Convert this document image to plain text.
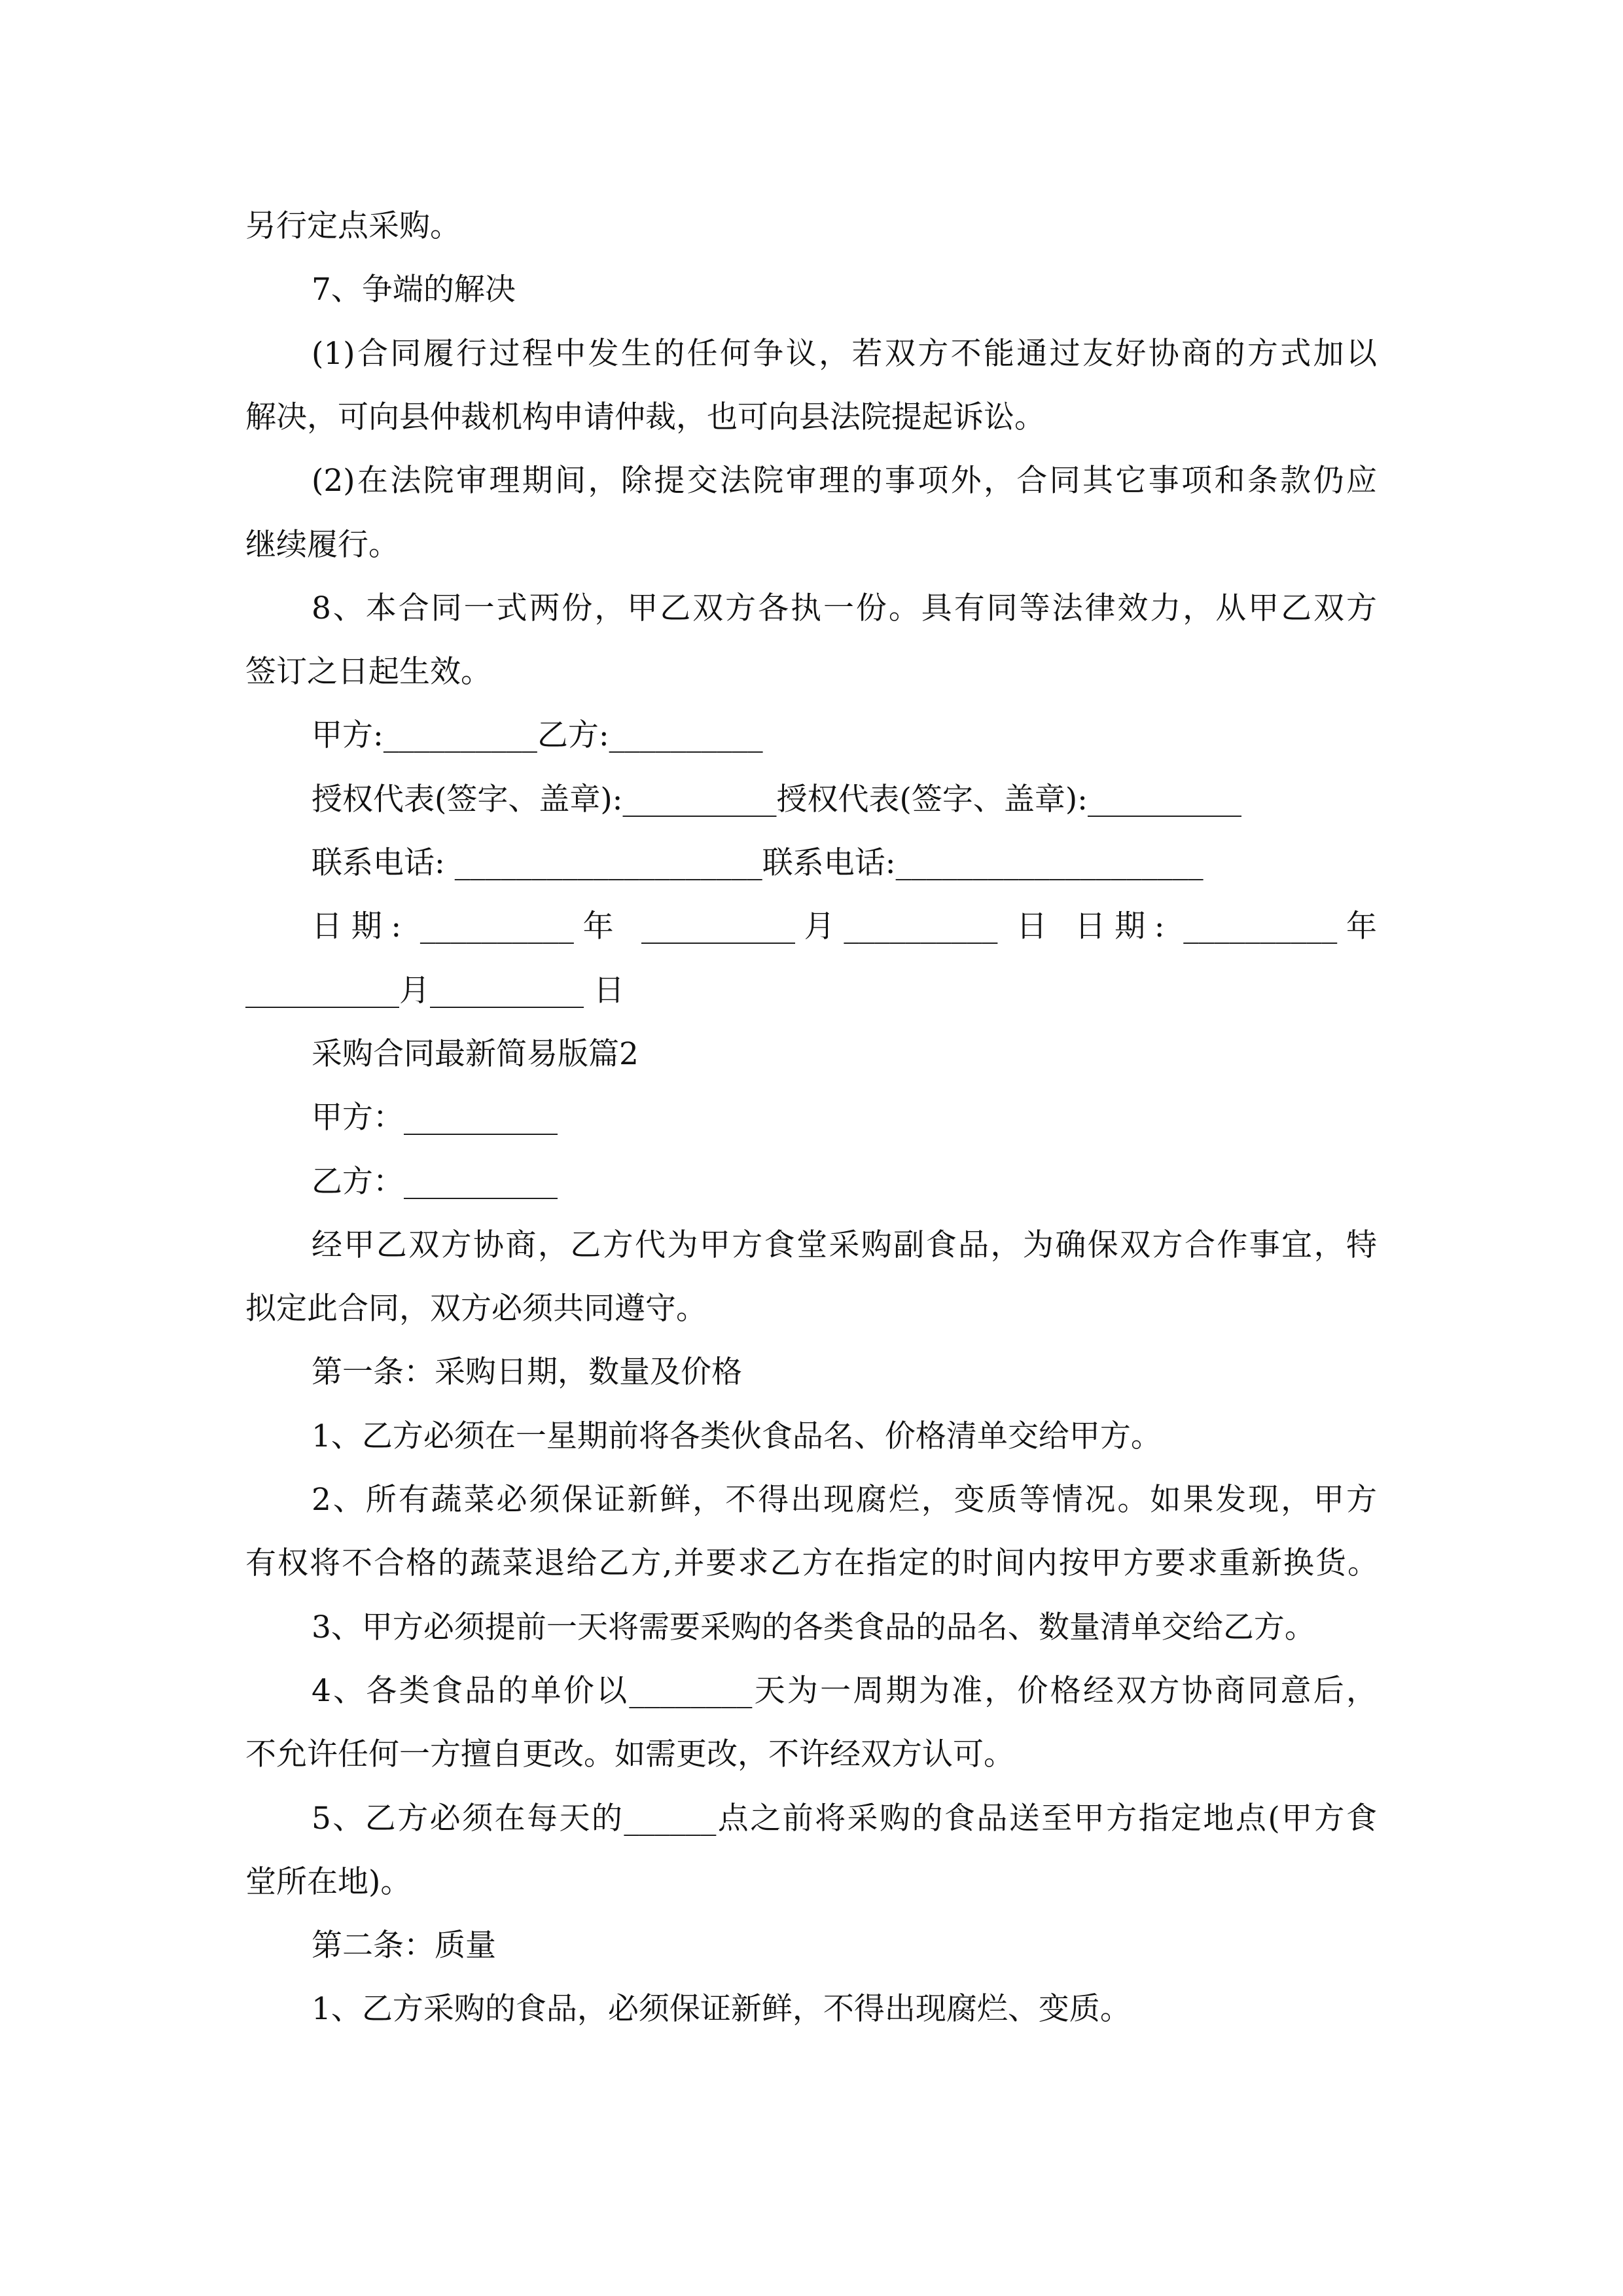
另行定点采购。
7、争端的解决
(1)合同履行过程中发生的任何争议，若双方不能通过友好协商的方式加以
解决，可向县仲裁机构申请仲裁，也可向县法院提起诉讼。
(2)在法院审理期间，除提交法院审理的事项外，合同其它事项和条款仍应
继续履行。
8、本合同一式两份，甲乙双方各执一份。具有同等法律效力，从甲乙双方
签订之日起生效。
甲方:__________乙方:__________
授权代表(签字、盖章):__________授权代表(签字、盖章):__________
联系电话: ____________________联系电话:____________________
日期: __________年 __________月__________ 日 日期: __________年
__________月__________ 日
采购合同最新简易版篇2
甲方：__________
乙方：__________
经甲乙双方协商，乙方代为甲方食堂采购副食品，为确保双方合作事宜，特
拟定此合同，双方必须共同遵守。
第一条：采购日期，数量及价格
1、乙方必须在一星期前将各类伙食品名、价格清单交给甲方。
2、所有蔬菜必须保证新鲜，不得出现腐烂，变质等情况。如果发现，甲方
有权将不合格的蔬菜退给乙方,并要求乙方在指定的时间内按甲方要求重新换货。
3、甲方必须提前一天将需要采购的各类食品的品名、数量清单交给乙方。
4、各类食品的单价以________天为一周期为准，价格经双方协商同意后，
不允许任何一方擅自更改。如需更改，不许经双方认可。
5、乙方必须在每天的______点之前将采购的食品送至甲方指定地点(甲方食
堂所在地)。
第二条：质量
1、乙方采购的食品，必须保证新鲜，不得出现腐烂、变质。
